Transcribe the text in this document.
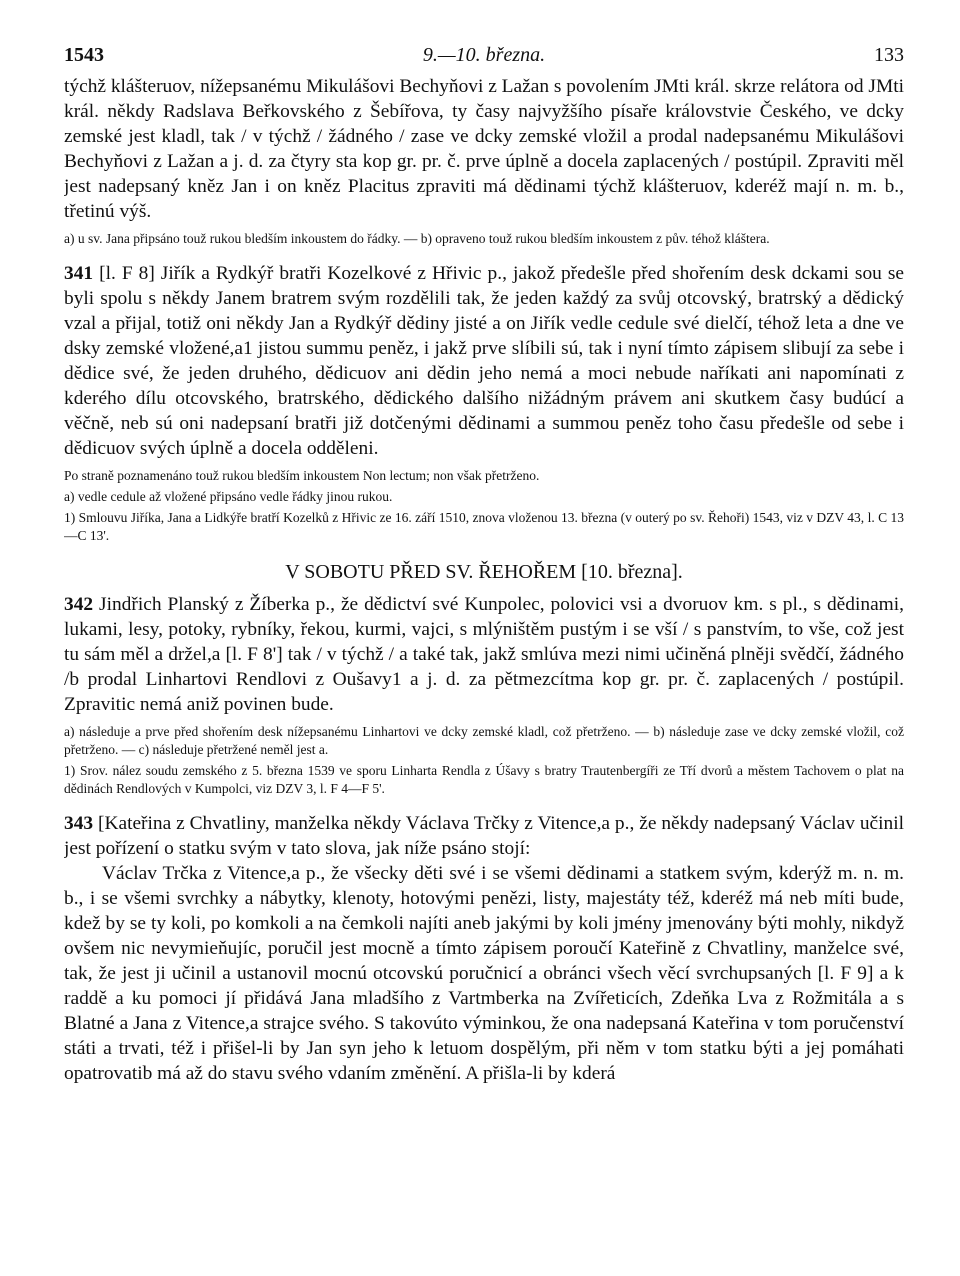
1543	9.—10. března.	133

týchž klášteruov, nížepsanému Mikulášovi Bechyňovi z Lažan s povolením JMti král. skrze relátora od JMti král. někdy Radslava Beřkovského z Šebířova, ty časy najvyžšího písaře královstvie Českého, ve dcky zemské jest kladl, tak / v týchž / žádného / zase ve dcky zemské vložil a prodal nadepsanému Mikulášovi Bechyňovi z Lažan a j. d. za čtyry sta kop gr. pr. č. prve úplně a docela zaplacených / postúpil. Zpraviti měl jest nadepsaný kněz Jan i on kněz Placitus zpraviti má dědinami týchž klášteruov, kderéž mají n. m. b., třetinú výš.

a) u sv. Jana připsáno touž rukou bledším inkoustem do řádky. — b) opraveno touž rukou bledším inkoustem z pův. téhož kláštera.

341 [l. F 8] Jiřík a Rydkýř bratři Kozelkové z Hřivic p., jakož předešle před shořením desk dckami sou se byli spolu s někdy Janem bratrem svým rozdělili tak, že jeden každý za svůj otcovský, bratrský a dědický vzal a přijal, totiž oni někdy Jan a Rydkýř dědiny jisté a on Jiřík vedle cedule své dielčí, téhož leta a dne ve dsky zemské vložené,a1 jistou summu peněz, i jakž prve slíbili sú, tak i nyní tímto zápisem slibují za sebe i dědice své, že jeden druhého, dědicuov ani dědin jeho nemá a moci nebude naříkati ani napomínati z kderého dílu otcovského, bratrského, dědického dalšího nižádným právem ani skutkem časy budúcí a věčně, neb sú oni nadepsaní bratři již dotčenými dědinami a summou peněz toho času předešle od sebe i dědicuov svých úplně a docela odděleni.

Po straně poznamenáno touž rukou bledším inkoustem Non lectum; non však přetrženo.

a) vedle cedule až vložené připsáno vedle řádky jinou rukou.

1) Smlouvu Jiříka, Jana a Lidkýře bratří Kozelků z Hřivic ze 16. září 1510, znova vloženou 13. března (v outerý po sv. Řehoři) 1543, viz v DZV 43, l. C 13—C 13'.

V SOBOTU PŘED SV. ŘEHOŘEM [10. března].

342 Jindřich Planský z Žíberka p., že dědictví své Kunpolec, polovici vsi a dvoruov km. s pl., s dědinami, lukami, lesy, potoky, rybníky, řekou, kurmi, vajci, s mlýništěm pustým i se vší / s panstvím, to vše, což jest tu sám měl a držel,a [l. F 8'] tak / v týchž / a také tak, jakž smlúva mezi nimi učiněná plněji svědčí, žádného /b prodal Linhartovi Rendlovi z Oušavy1 a j. d. za pětmezcítma kop gr. pr. č. zaplacených / postúpil. Zpravitic nemá aniž povinen bude.

a) následuje a prve před shořením desk nížepsanému Linhartovi ve dcky zemské kladl, což přetrženo. — b) následuje zase ve dcky zemské vložil, což přetrženo. — c) následuje přetržené neměl jest a.

1) Srov. nález soudu zemského z 5. března 1539 ve sporu Linharta Rendla z Úšavy s bratry Trautenbergíři ze Tří dvorů a městem Tachovem o plat na dědinách Rendlových v Kumpolci, viz DZV 3, l. F 4—F 5'.

343 [Kateřina z Chvatliny, manželka někdy Václava Trčky z Vitence,a p., že někdy nadepsaný Václav učinil jest pořízení o statku svým v tato slova, jak níže psáno stojí:

Václav Trčka z Vitence,a p., že všecky děti své i se všemi dědinami a statkem svým, kderýž m. n. m. b., i se všemi svrchky a nábytky, klenoty, hotovými penězi, listy, majestáty též, kderéž má neb míti bude, kdež by se ty koli, po komkoli a na čemkoli najíti aneb jakými by koli jmény jmenovány býti mohly, nikdyž ovšem nic nevymieňujíc, poručil jest mocně a tímto zápisem poroučí Kateřině z Chvatliny, manželce své, tak, že jest ji učinil a ustanovil mocnú otcovskú poručnicí a obránci všech věcí svrchupsaných [l. F 9] a k raddě a ku pomoci jí přidává Jana mladšího z Vartmberka na Zvířeticích, Zdeňka Lva z Rožmitála a s Blatné a Jana z Vitence,a strajce svého. S takovúto výminkou, že ona nadepsaná Kateřina v tom poručenství státi a trvati, též i přišel-li by Jan syn jeho k letuom dospělým, při něm v tom statku býti a jej pomáhati opatrovatib má až do stavu svého vdaním změnění. A přišla-li by kderá
